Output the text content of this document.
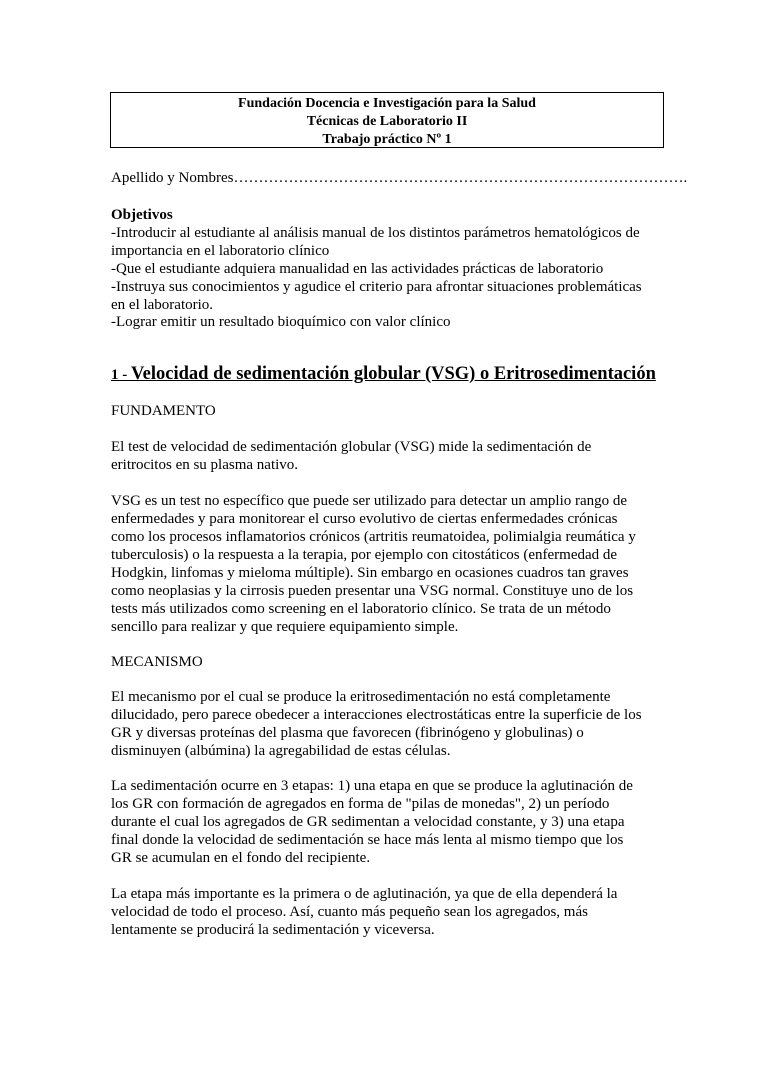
Fundación Docencia e Investigación para la Salud
Técnicas de Laboratorio II
Trabajo práctico Nº 1
Apellido y Nombres……………………………………………………………………………….
Objetivos
-Introducir al estudiante al análisis manual de los distintos parámetros hematológicos de
importancia en el laboratorio clínico
-Que el estudiante adquiera manualidad en las actividades prácticas de laboratorio
-Instruya sus conocimientos y agudice el criterio para afrontar situaciones problemáticas
en el laboratorio.
-Lograr emitir un resultado bioquímico con valor clínico
1 - Velocidad de sedimentación globular (VSG) o Eritrosedimentación
FUNDAMENTO
El test de velocidad de sedimentación globular (VSG) mide la sedimentación de
eritrocitos en su plasma nativo.
VSG es un test no específico que puede ser utilizado para detectar un amplio rango de
enfermedades y para monitorear el curso evolutivo de ciertas enfermedades crónicas
como los procesos inflamatorios crónicos (artritis reumatoidea, polimialgia reumática y
tuberculosis) o la respuesta a la terapia, por ejemplo con citostáticos (enfermedad de
Hodgkin, linfomas y mieloma múltiple). Sin embargo en ocasiones cuadros tan graves
como neoplasias y la cirrosis pueden presentar una VSG normal. Constituye uno de los
tests más utilizados como screening en el laboratorio clínico. Se trata de un método
sencillo para realizar y que requiere equipamiento simple.
MECANISMO
El mecanismo por el cual se produce la eritrosedimentación no está completamente
dilucidado, pero parece obedecer a interacciones electrostáticas entre la superficie de los
GR y diversas proteínas del plasma que favorecen (fibrinógeno y globulinas) o
disminuyen (albúmina) la agregabilidad de estas células.
La sedimentación ocurre en 3 etapas: 1) una etapa en que se produce la aglutinación de
los GR con formación de agregados en forma de "pilas de monedas", 2) un período
durante el cual los agregados de GR sedimentan a velocidad constante, y 3) una etapa
final donde la velocidad de sedimentación se hace más lenta al mismo tiempo que los
GR se acumulan en el fondo del recipiente.
La etapa más importante es la primera o de aglutinación, ya que de ella dependerá la
velocidad de todo el proceso. Así, cuanto más pequeño sean los agregados, más
lentamente se producirá la sedimentación y viceversa.
